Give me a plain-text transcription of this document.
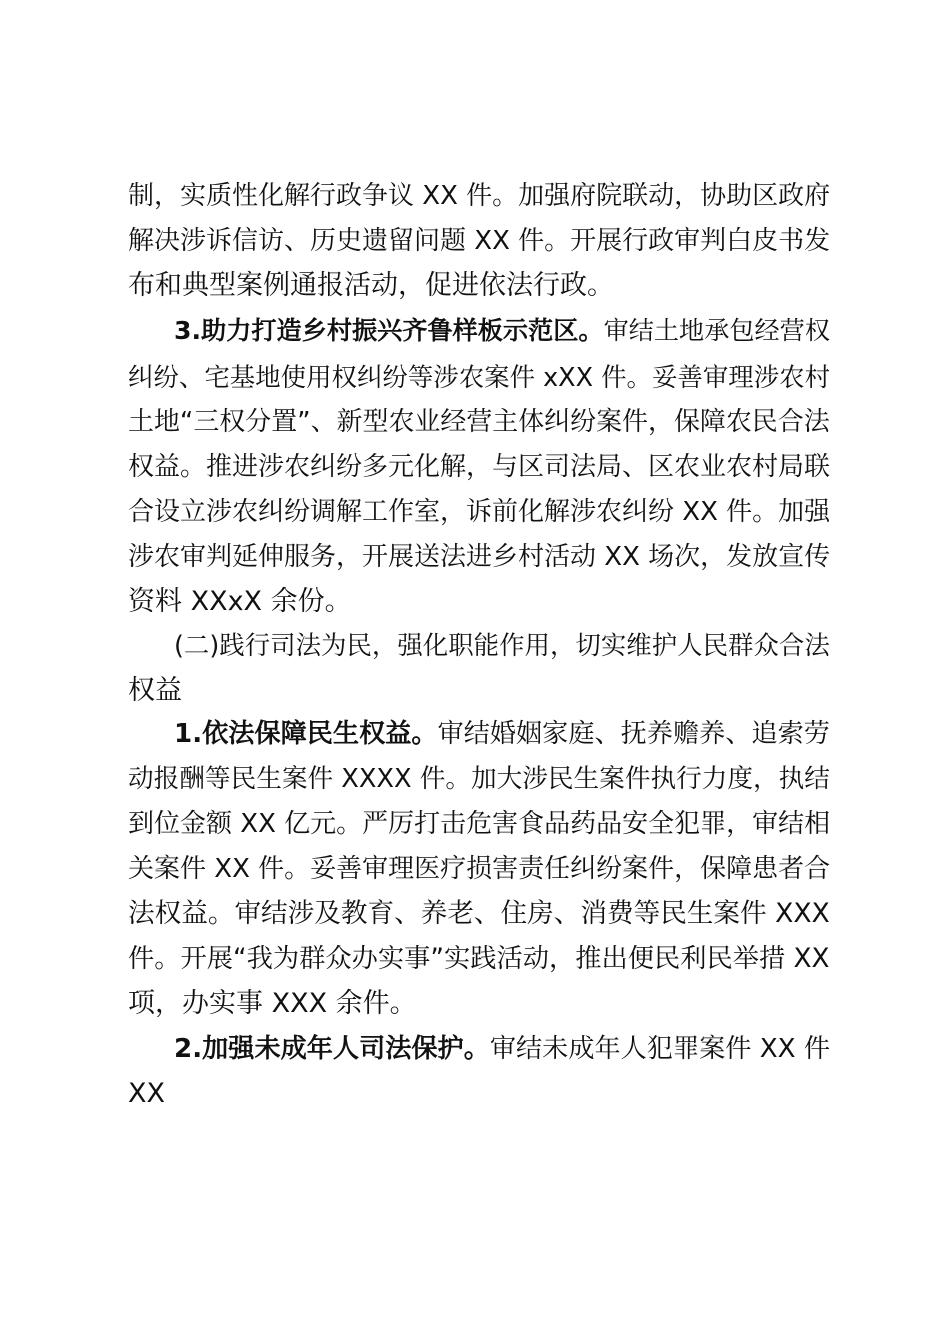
制，实质性化解行政争议 XX 件。加强府院联动，协助区政府
解决涉诉信访、历史遗留问题 XX 件。开展行政审判白皮书发
布和典型案例通报活动，促进依法行政。
3.助力打造乡村振兴齐鲁样板示范区。审结土地承包经营权
纠纷、宅基地使用权纠纷等涉农案件 xXX 件。妥善审理涉农村
土地“三权分置”、新型农业经营主体纠纷案件，保障农民合法
权益。推进涉农纠纷多元化解，与区司法局、区农业农村局联
合设立涉农纠纷调解工作室，诉前化解涉农纠纷 XX 件。加强
涉农审判延伸服务，开展送法进乡村活动 XX 场次，发放宣传
资料 XXxX 余份。
(二)践行司法为民，强化职能作用，切实维护人民群众合法
权益
1.依法保障民生权益。审结婚姻家庭、抚养赡养、追索劳
动报酬等民生案件 XXXX 件。加大涉民生案件执行力度，执结
到位金额 XX 亿元。严厉打击危害食品药品安全犯罪，审结相
关案件 XX 件。妥善审理医疗损害责任纠纷案件，保障患者合
法权益。审结涉及教育、养老、住房、消费等民生案件 XXX
件。开展“我为群众办实事”实践活动，推出便民利民举措 XX
项，办实事 XXX 余件。
2.加强未成年人司法保护。审结未成年人犯罪案件 XX 件
XX
